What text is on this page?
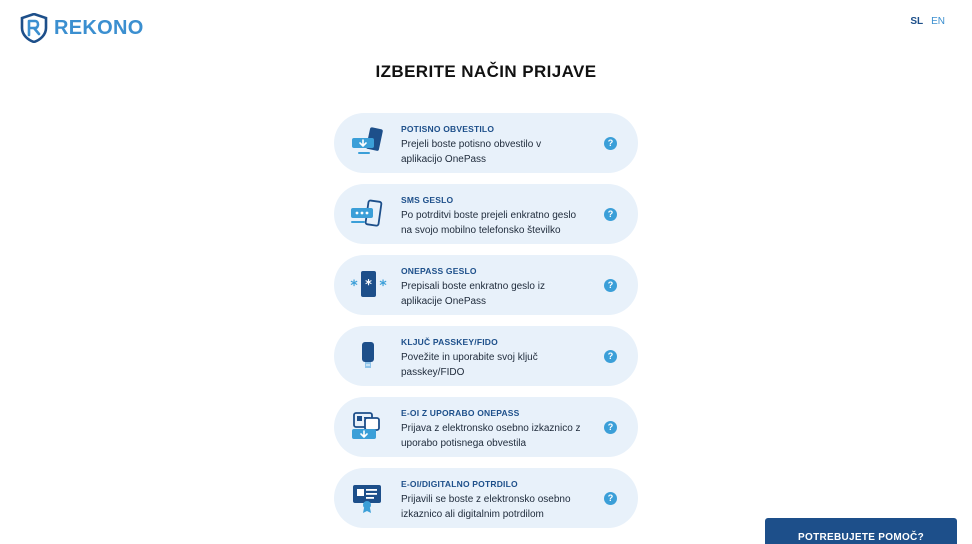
REKONO	SL EN
IZBERITE NAČIN PRIJAVE
POTISNO OBVESTILO
Prejeli boste potisno obvestilo v
aplikacijo OnePass
?
SMS GESLO
Po potrditvi boste prejeli enkratno geslo
na svojo mobilno telefonsko številko
?
*
* *
ONEPASS GESLO
Prepisali boste enkratno geslo iz
aplikacije OnePass
?
KLJUČ PASSKEY/FIDO
Povežite in uporabite svoj ključ
passkey/FIDO
?
E-OI Z UPORABO ONEPASS
Prijava z elektronsko osebno izkaznico z
uporabo potisnega obvestila
?
E-OI/DIGITALNO POTRDILO
Prijavili se boste z elektronsko osebno
izkaznico ali digitalnim potrdilom
?
POTREBUJETE POMOČ?
